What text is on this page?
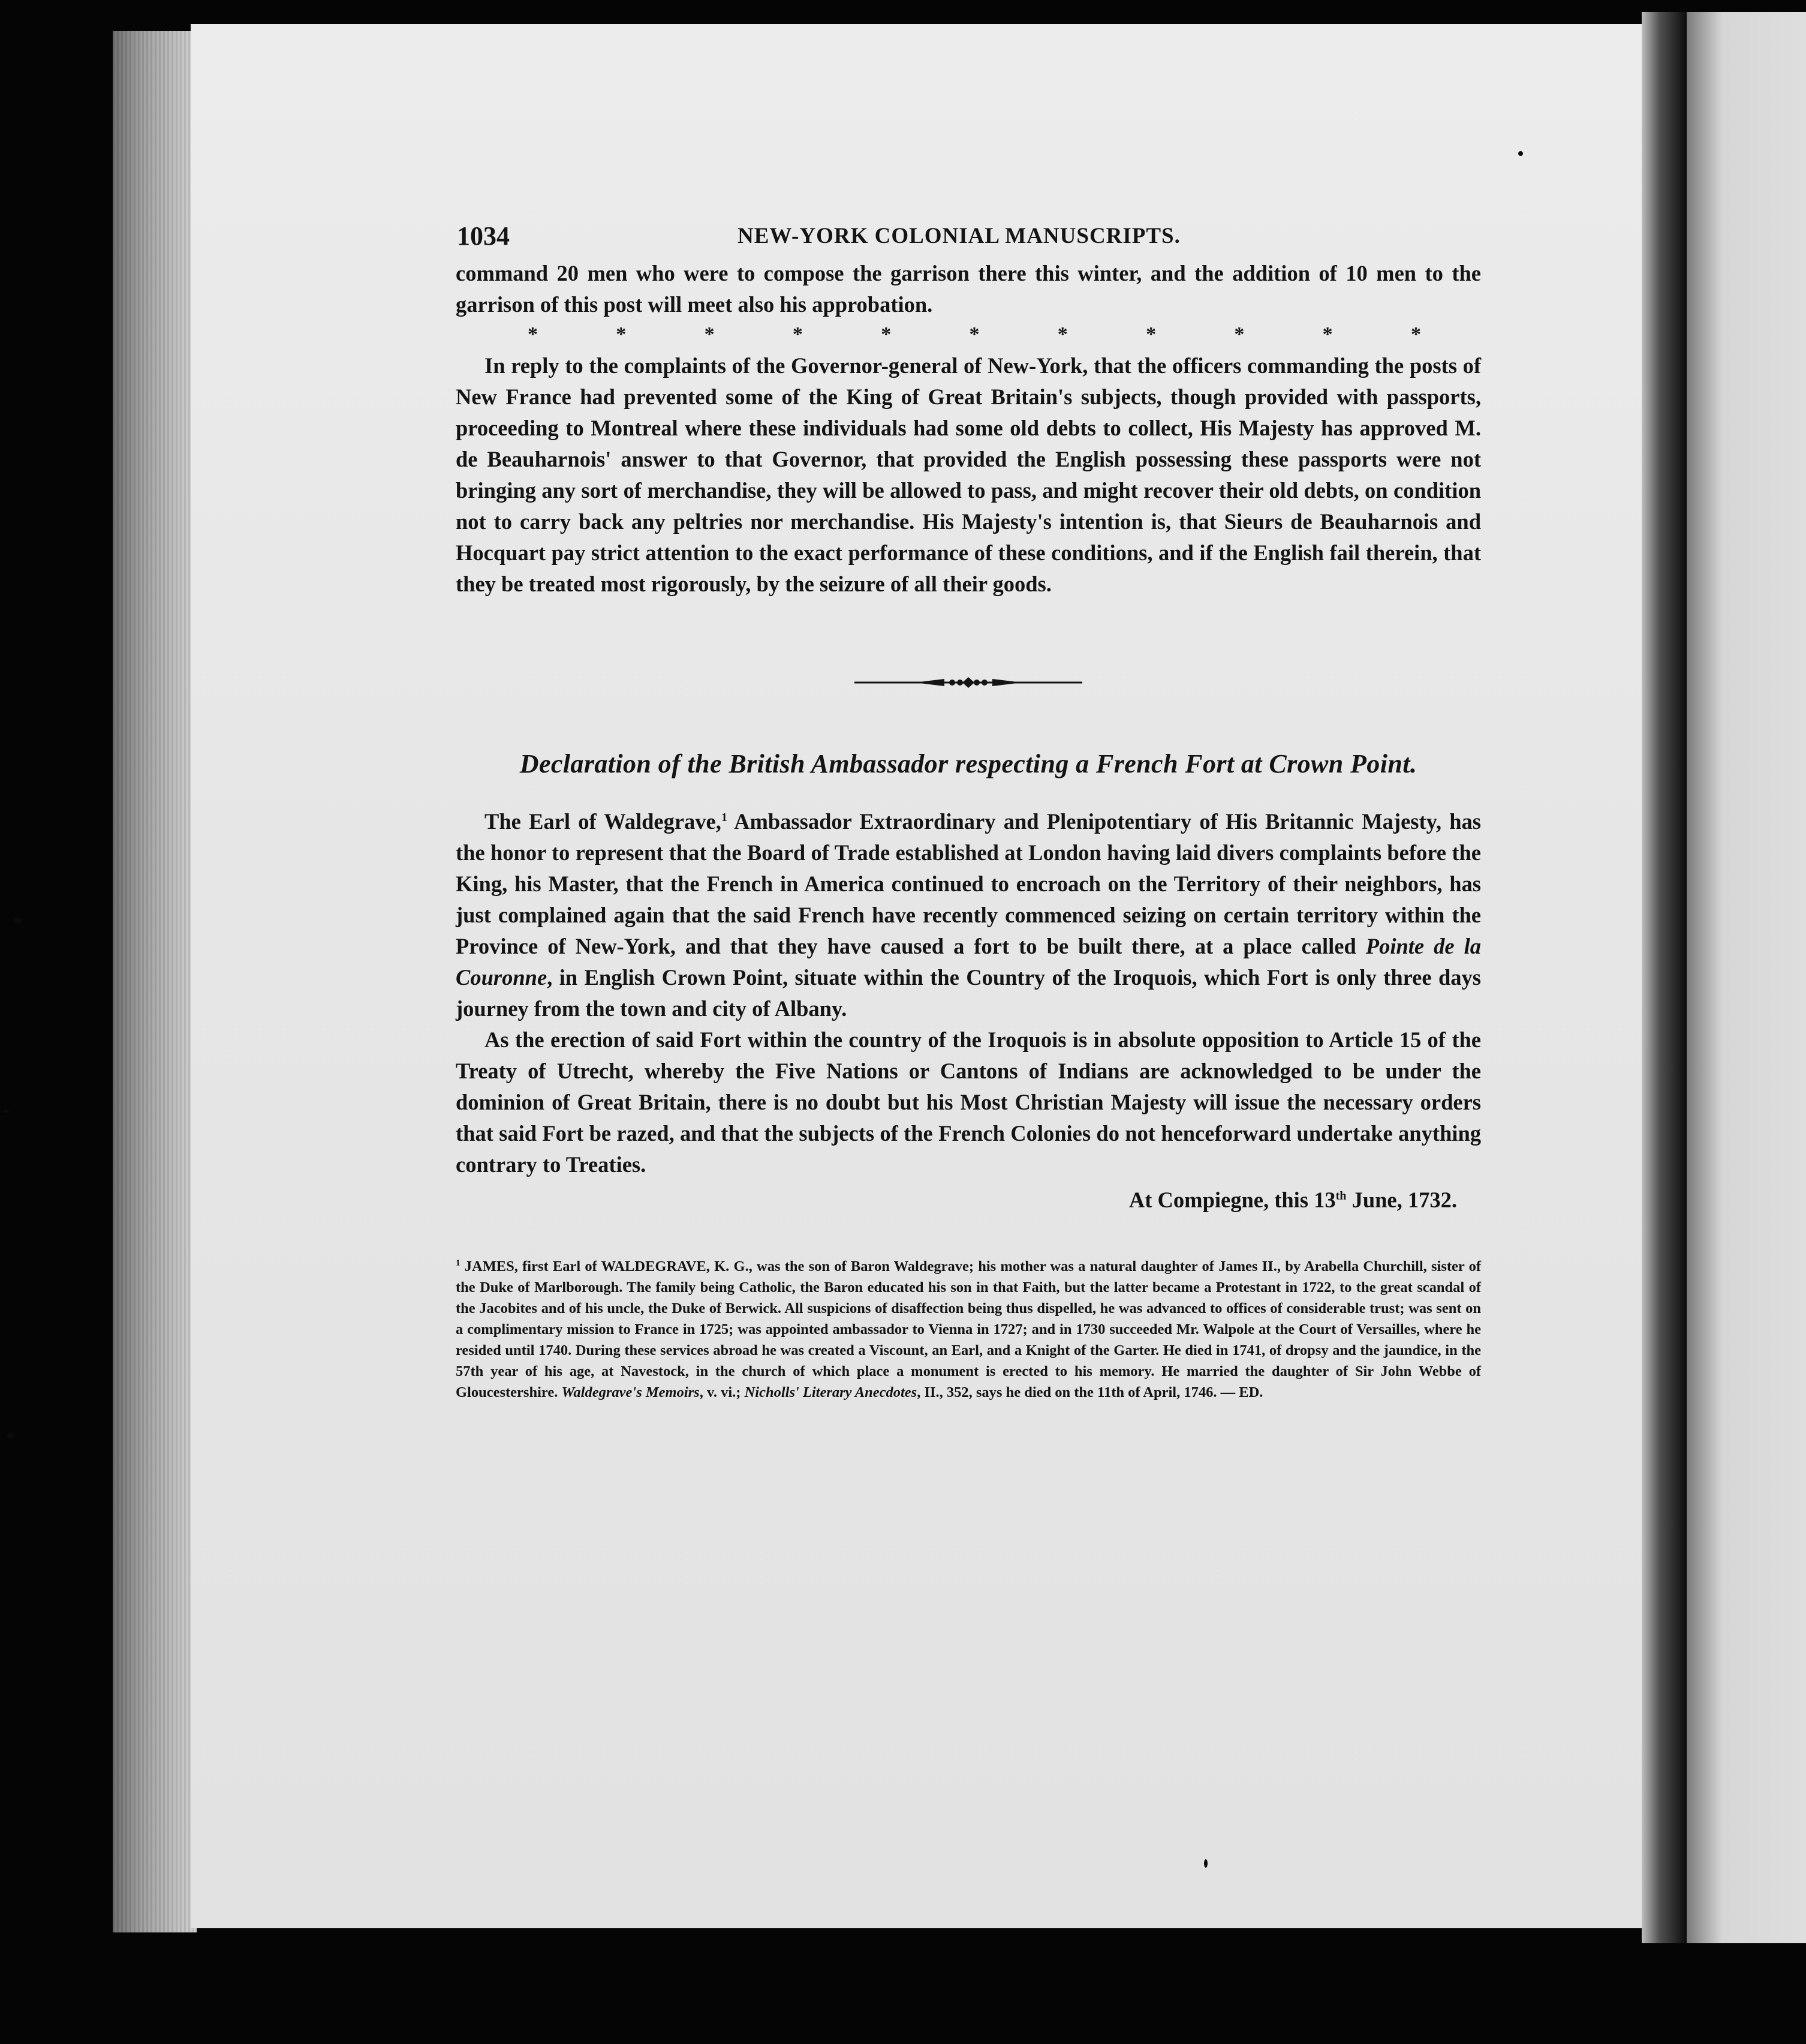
1034	NEW-YORK COLONIAL MANUSCRIPTS.

command 20 men who were to compose the garrison there this winter, and the addition of 10 men to the garrison of this post will meet also his approbation.

*	*	*	*	*	*	*	*	*	*	*

In reply to the complaints of the Governor-general of New-York, that the officers commanding the posts of New France had prevented some of the King of Great Britain's subjects, though provided with passports, proceeding to Montreal where these individuals had some old debts to collect, His Majesty has approved M. de Beauharnois' answer to that Governor, that provided the English possessing these passports were not bringing any sort of merchandise, they will be allowed to pass, and might recover their old debts, on condition not to carry back any peltries nor merchandise. His Majesty's intention is, that Sieurs de Beauharnois and Hocquart pay strict attention to the exact performance of these conditions, and if the English fail therein, that they be treated most rigorously, by the seizure of all their goods.

Declaration of the British Ambassador respecting a French Fort at Crown Point.

The Earl of Waldegrave,$^1$ Ambassador Extraordinary and Plenipotentiary of His Britannic Majesty, has the honor to represent that the Board of Trade established at London having laid divers complaints before the King, his Master, that the French in America continued to encroach on the Territory of their neighbors, has just complained again that the said French have recently commenced seizing on certain territory within the Province of New-York, and that they have caused a fort to be built there, at a place called Pointe de la Couronne, in English Crown Point, situate within the Country of the Iroquois, which Fort is only three days journey from the town and city of Albany.

As the erection of said Fort within the country of the Iroquois is in absolute opposition to Article 15 of the Treaty of Utrecht, whereby the Five Nations or Cantons of Indians are acknowledged to be under the dominion of Great Britain, there is no doubt but his Most Christian Majesty will issue the necessary orders that said Fort be razed, and that the subjects of the French Colonies do not henceforward undertake anything contrary to Treaties.

At Compiegne, this 13th June, 1732.

$^1$ JAMES, first Earl of WALDEGRAVE, K. G., was the son of Baron Waldegrave; his mother was a natural daughter of James II., by Arabella Churchill, sister of the Duke of Marlborough. The family being Catholic, the Baron educated his son in that Faith, but the latter became a Protestant in 1722, to the great scandal of the Jacobites and of his uncle, the Duke of Berwick. All suspicions of disaffection being thus dispelled, he was advanced to offices of considerable trust; was sent on a complimentary mission to France in 1725; was appointed ambassador to Vienna in 1727; and in 1730 succeeded Mr. Walpole at the Court of Versailles, where he resided until 1740. During these services abroad he was created a Viscount, an Earl, and a Knight of the Garter. He died in 1741, of dropsy and the jaundice, in the 57th year of his age, at Navestock, in the church of which place a monument is erected to his memory. He married the daughter of Sir John Webbe of Gloucestershire. Waldegrave's Memoirs, v. vi.; Nicholls' Literary Anecdotes, II., 352, says he died on the 11th of April, 1746. — ED.
